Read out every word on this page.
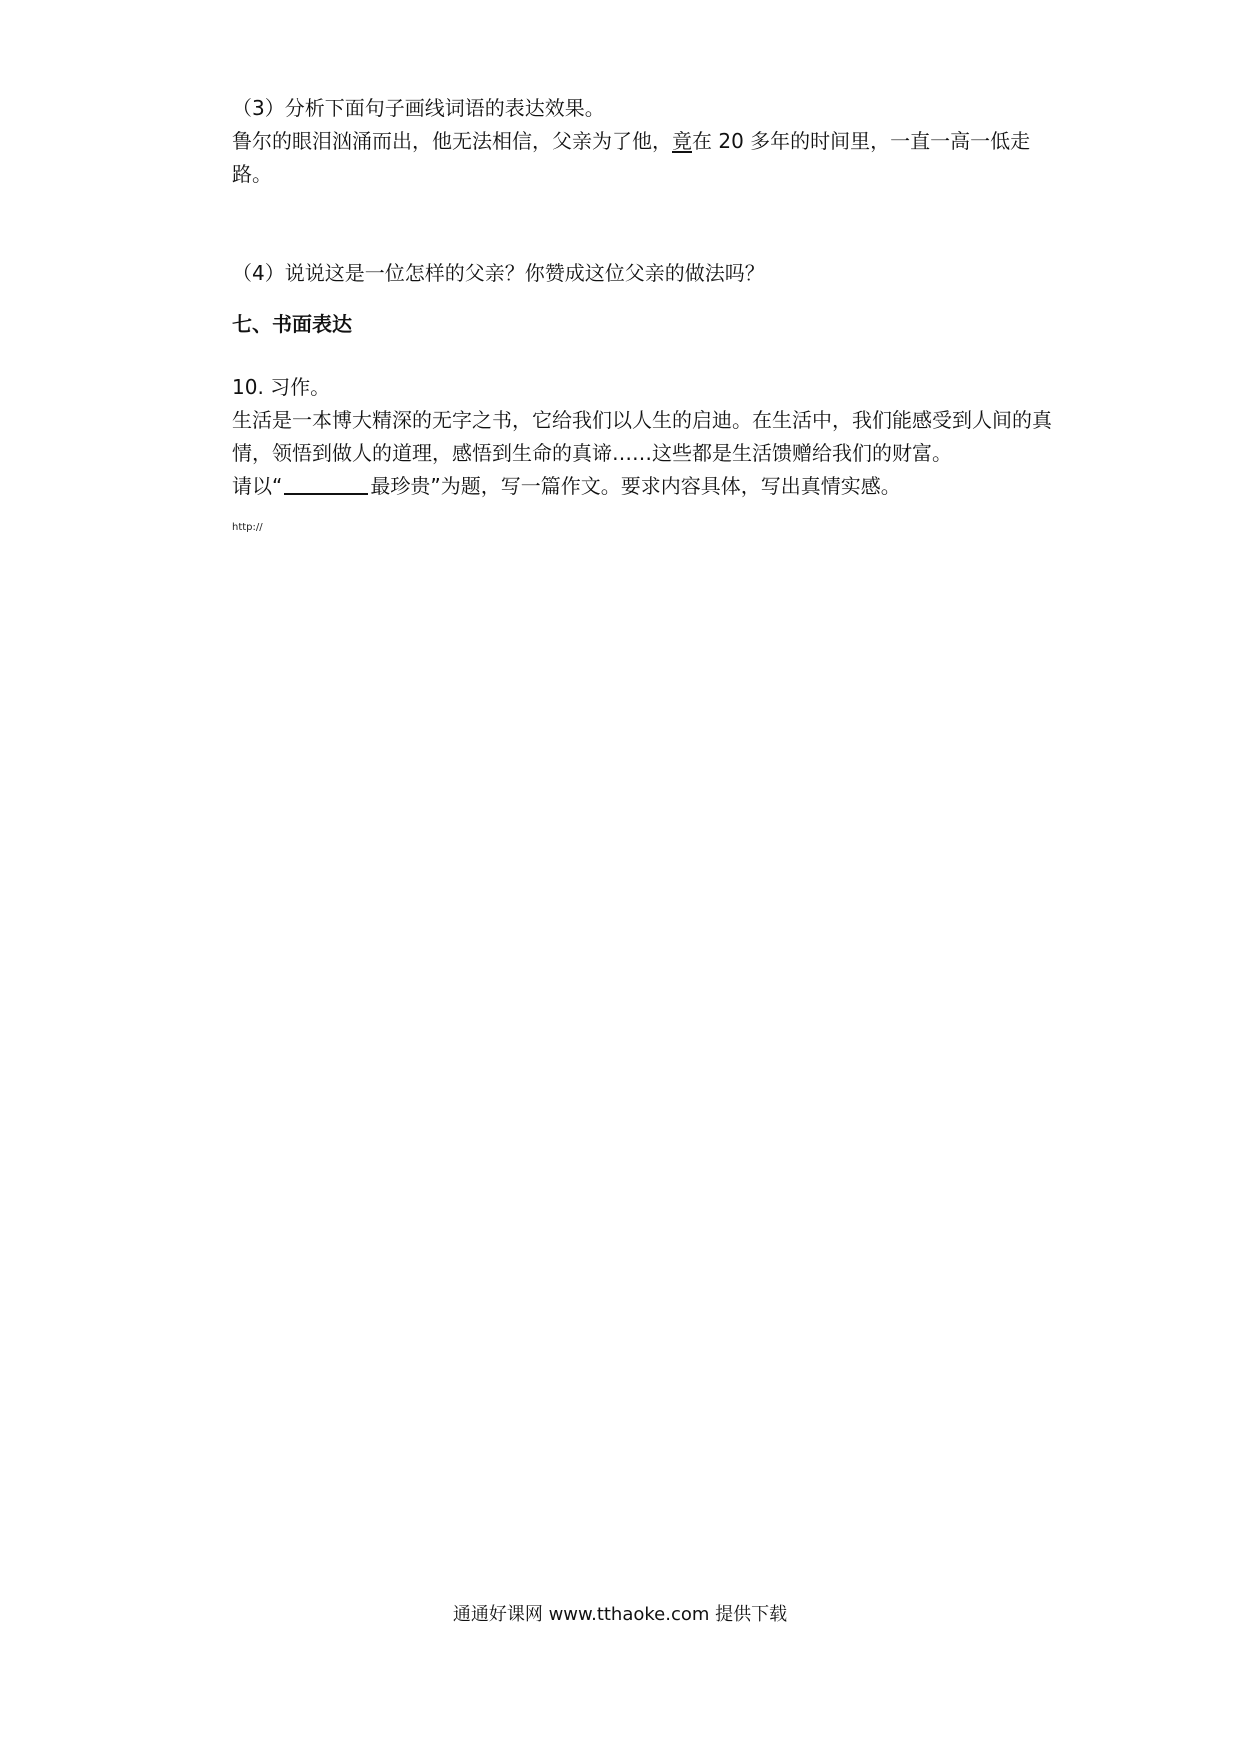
（3）分析下面句子画线词语的表达效果。

鲁尔的眼泪汹涌而出，他无法相信，父亲为了他，竟在 20 多年的时间里，一直一高一低走路。

（4）说说这是一位怎样的父亲？你赞成这位父亲的做法吗？

七、书面表达

10. 习作。

生活是一本博大精深的无字之书，它给我们以人生的启迪。在生活中，我们能感受到人间的真情，领悟到做人的道理，感悟到生命的真谛……这些都是生活馈赠给我们的财富。

请以“	最珍贵”为题，写一篇作文。要求内容具体，写出真情实感。

http://

通通好课网 www.tthaoke.com 提供下载
